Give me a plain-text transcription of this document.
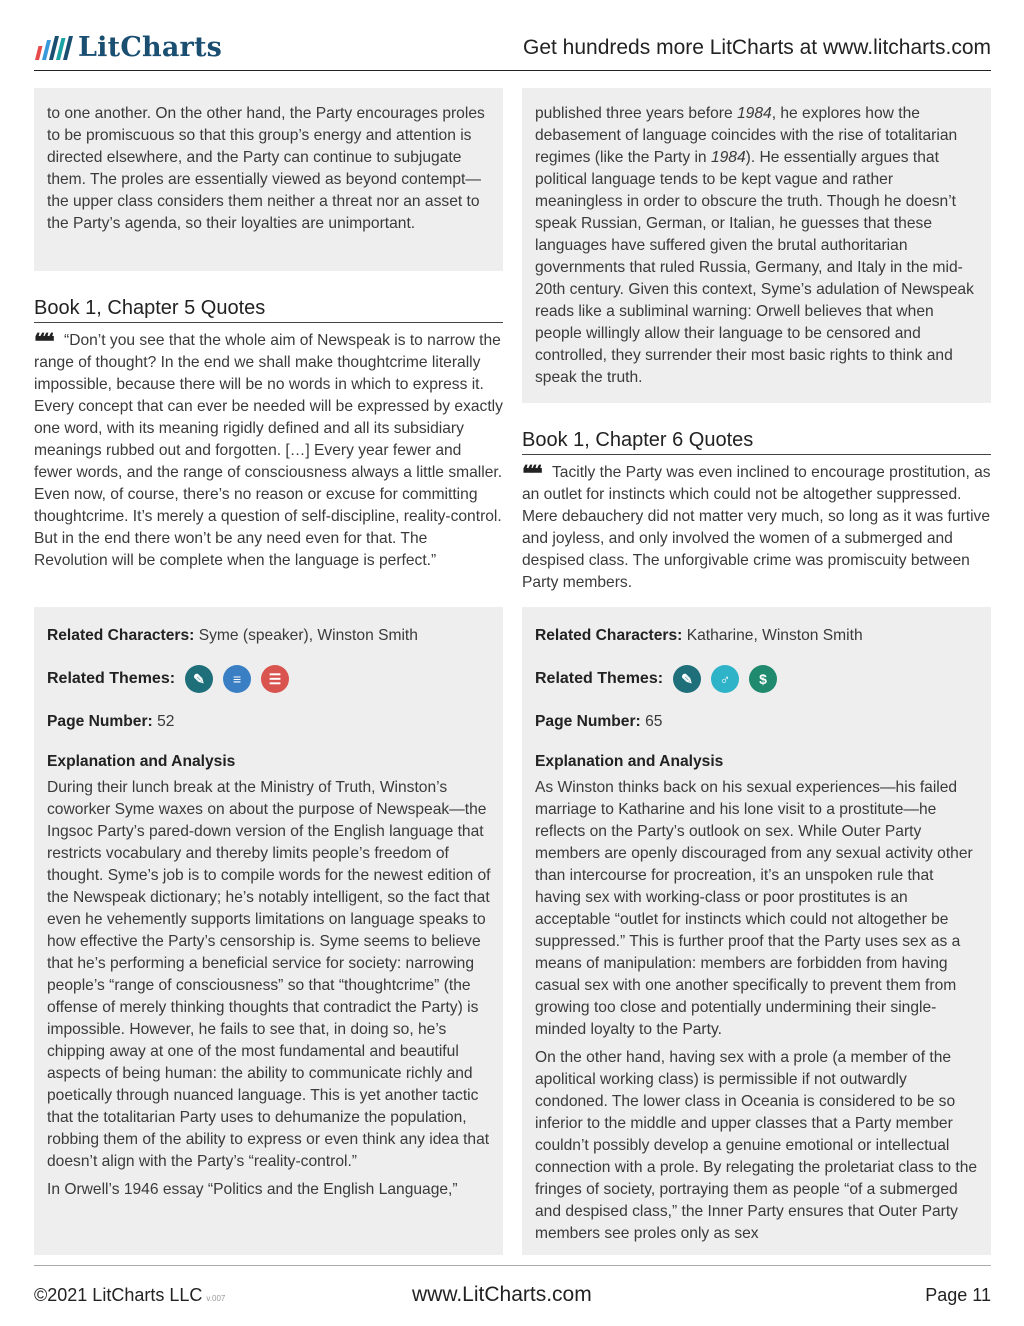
LitCharts	Get hundreds more LitCharts at www.litcharts.com

to one another. On the other hand, the Party encourages proles to be promiscuous so that this group’s energy and attention is directed elsewhere, and the Party can continue to subjugate them. The proles are essentially viewed as beyond contempt—the upper class considers them neither a threat nor an asset to the Party’s agenda, so their loyalties are unimportant.

Book 1, Chapter 5 Quotes
❝❝ “Don’t you see that the whole aim of Newspeak is to narrow the range of thought? In the end we shall make thoughtcrime literally impossible, because there will be no words in which to express it. Every concept that can ever be needed will be expressed by exactly one word, with its meaning rigidly defined and all its subsidiary meanings rubbed out and forgotten. […] Every year fewer and fewer words, and the range of consciousness always a little smaller. Even now, of course, there’s no reason or excuse for committing thoughtcrime. It’s merely a question of self-discipline, reality-control. But in the end there won’t be any need even for that. The Revolution will be complete when the language is perfect.”

Related Characters: Syme (speaker), Winston Smith

Related Themes:	✎	≡	☰

Page Number: 52

Explanation and Analysis

During their lunch break at the Ministry of Truth, Winston’s coworker Syme waxes on about the purpose of Newspeak—the Ingsoc Party’s pared-down version of the English language that restricts vocabulary and thereby limits people’s freedom of thought. Syme’s job is to compile words for the newest edition of the Newspeak dictionary; he’s notably intelligent, so the fact that even he vehemently supports limitations on language speaks to how effective the Party’s censorship is. Syme seems to believe that he’s performing a beneficial service for society: narrowing people’s “range of consciousness” so that “thoughtcrime” (the offense of merely thinking thoughts that contradict the Party) is impossible. However, he fails to see that, in doing so, he’s chipping away at one of the most fundamental and beautiful aspects of being human: the ability to communicate richly and poetically through nuanced language. This is yet another tactic that the totalitarian Party uses to dehumanize the population, robbing them of the ability to express or even think any idea that doesn’t align with the Party’s “reality-control.”

In Orwell’s 1946 essay “Politics and the English Language,”

published three years before 1984, he explores how the debasement of language coincides with the rise of totalitarian regimes (like the Party in 1984). He essentially argues that political language tends to be kept vague and rather meaningless in order to obscure the truth. Though he doesn’t speak Russian, German, or Italian, he guesses that these languages have suffered given the brutal authoritarian governments that ruled Russia, Germany, and Italy in the mid-20th century. Given this context, Syme’s adulation of Newspeak reads like a subliminal warning: Orwell believes that when people willingly allow their language to be censored and controlled, they surrender their most basic rights to think and speak the truth.

Book 1, Chapter 6 Quotes
❝❝ Tacitly the Party was even inclined to encourage prostitution, as an outlet for instincts which could not be altogether suppressed. Mere debauchery did not matter very much, so long as it was furtive and joyless, and only involved the women of a submerged and despised class. The unforgivable crime was promiscuity between Party members.

Related Characters: Katharine, Winston Smith

Related Themes:	✎	♂	$

Page Number: 65

Explanation and Analysis

As Winston thinks back on his sexual experiences—his failed marriage to Katharine and his lone visit to a prostitute—he reflects on the Party’s outlook on sex. While Outer Party members are openly discouraged from any sexual activity other than intercourse for procreation, it’s an unspoken rule that having sex with working-class or poor prostitutes is an acceptable “outlet for instincts which could not altogether be suppressed.” This is further proof that the Party uses sex as a means of manipulation: members are forbidden from having casual sex with one another specifically to prevent them from growing too close and potentially undermining their single-minded loyalty to the Party.

On the other hand, having sex with a prole (a member of the apolitical working class) is permissible if not outwardly condoned. The lower class in Oceania is considered to be so inferior to the middle and upper classes that a Party member couldn’t possibly develop a genuine emotional or intellectual connection with a prole. By relegating the proletariat class to the fringes of society, portraying them as people “of a submerged and despised class,” the Inner Party ensures that Outer Party members see proles only as sex

©2021 LitCharts LLC v.007	www.LitCharts.com	Page 11
